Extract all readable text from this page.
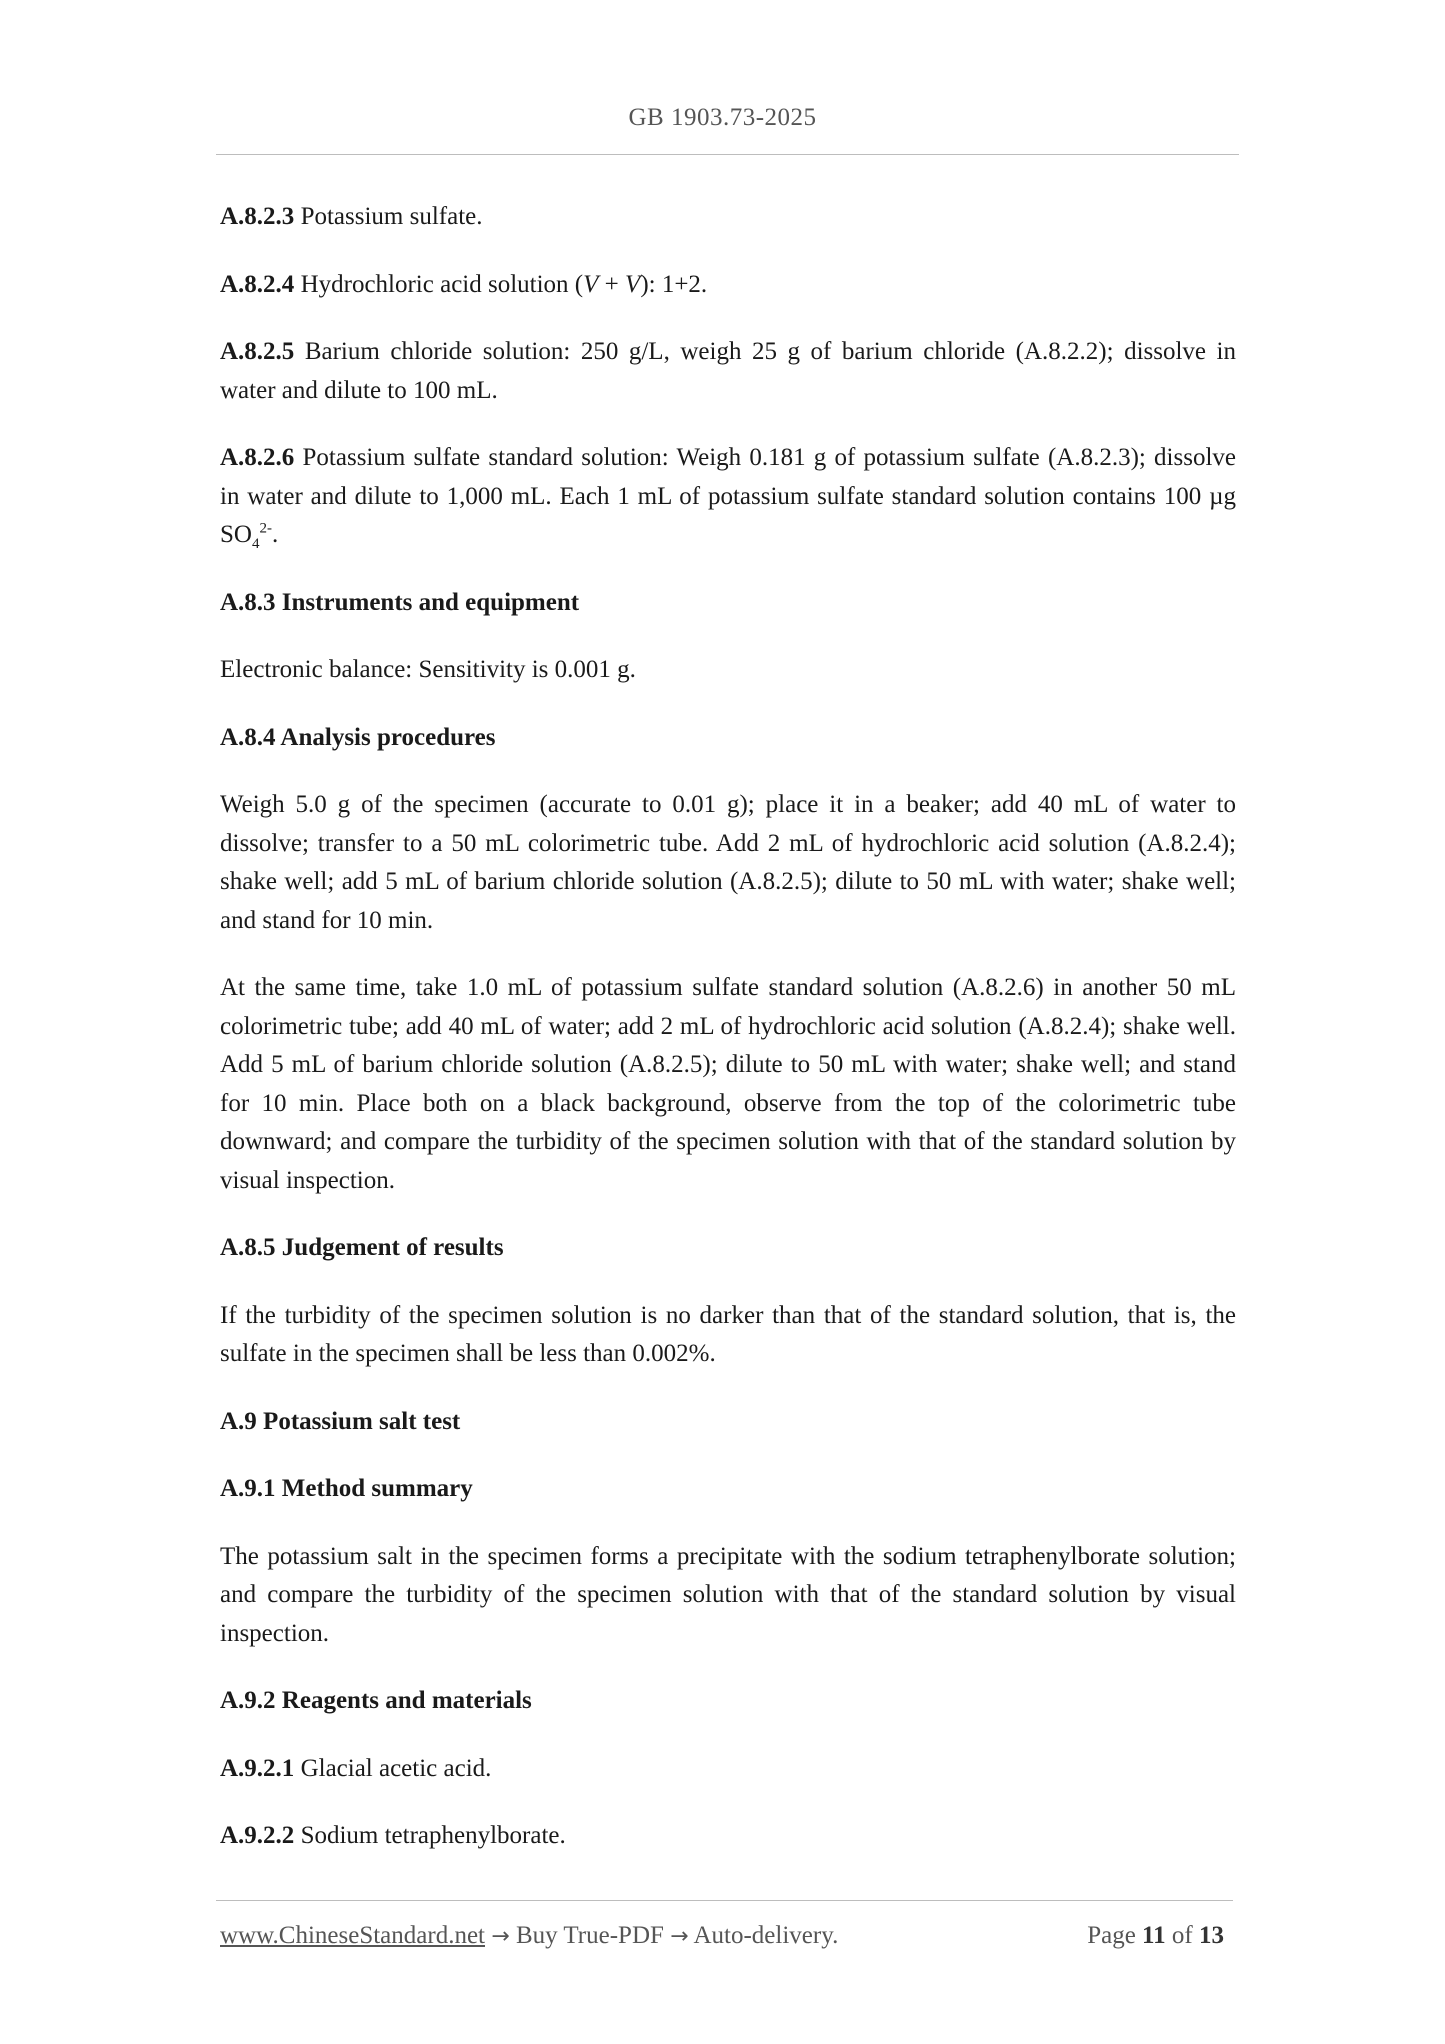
GB 1903.73-2025

A.8.2.3 Potassium sulfate.

A.8.2.4 Hydrochloric acid solution (V + V): 1+2.

A.8.2.5 Barium chloride solution: 250 g/L, weigh 25 g of barium chloride (A.8.2.2); dissolve in water and dilute to 100 mL.

A.8.2.6 Potassium sulfate standard solution: Weigh 0.181 g of potassium sulfate (A.8.2.3); dissolve in water and dilute to 1,000 mL. Each 1 mL of potassium sulfate standard solution contains 100 µg $SO_4^{2-}$.

A.8.3 Instruments and equipment

Electronic balance: Sensitivity is 0.001 g.

A.8.4 Analysis procedures

Weigh 5.0 g of the specimen (accurate to 0.01 g); place it in a beaker; add 40 mL of water to dissolve; transfer to a 50 mL colorimetric tube. Add 2 mL of hydrochloric acid solution (A.8.2.4); shake well; add 5 mL of barium chloride solution (A.8.2.5); dilute to 50 mL with water; shake well; and stand for 10 min.

At the same time, take 1.0 mL of potassium sulfate standard solution (A.8.2.6) in another 50 mL colorimetric tube; add 40 mL of water; add 2 mL of hydrochloric acid solution (A.8.2.4); shake well. Add 5 mL of barium chloride solution (A.8.2.5); dilute to 50 mL with water; shake well; and stand for 10 min. Place both on a black background, observe from the top of the colorimetric tube downward; and compare the turbidity of the specimen solution with that of the standard solution by visual inspection.

A.8.5 Judgement of results

If the turbidity of the specimen solution is no darker than that of the standard solution, that is, the sulfate in the specimen shall be less than 0.002%.

A.9 Potassium salt test

A.9.1 Method summary

The potassium salt in the specimen forms a precipitate with the sodium tetraphenylborate solution; and compare the turbidity of the specimen solution with that of the standard solution by visual inspection.

A.9.2 Reagents and materials

A.9.2.1 Glacial acetic acid.

A.9.2.2 Sodium tetraphenylborate.

www.ChineseStandard.net → Buy True-PDF → Auto-delivery.	Page 11 of 13
